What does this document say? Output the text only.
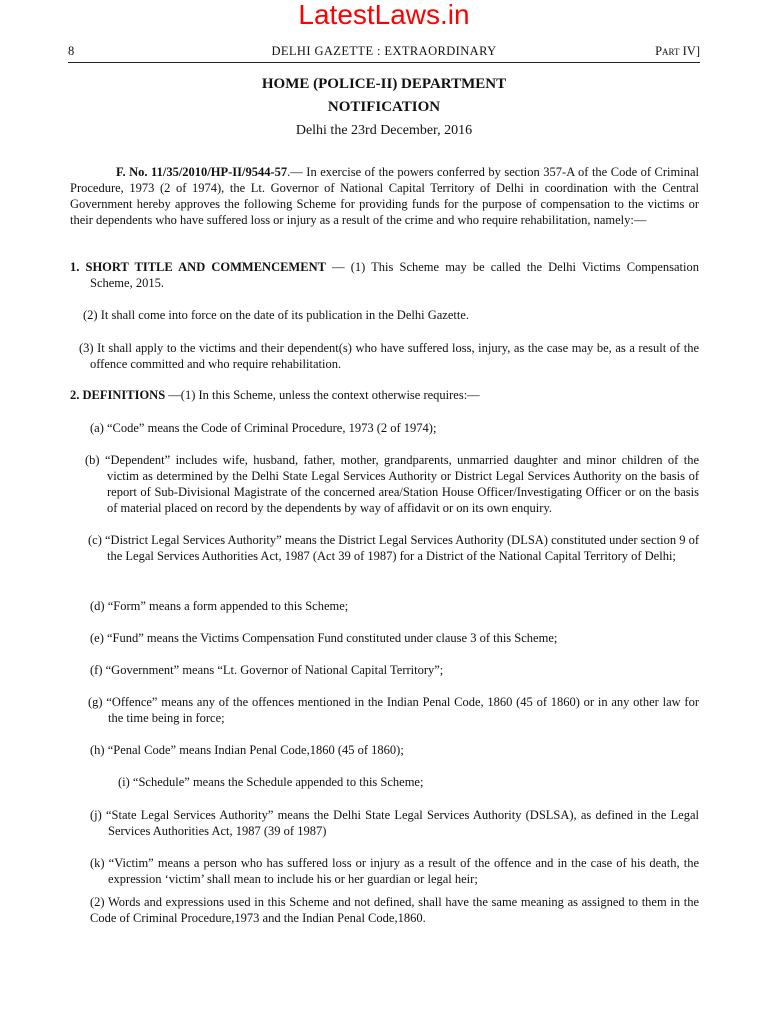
LatestLaws.in
8	DELHI GAZETTE : EXTRAORDINARY	Part IV]
HOME (POLICE-II) DEPARTMENT
NOTIFICATION
Delhi the 23rd December, 2016

F. No. 11/35/2010/HP-II/9544-57.— In exercise of the powers conferred by section 357-A of the Code of Criminal Procedure, 1973 (2 of 1974), the Lt. Governor of National Capital Territory of Delhi in coordination with the Central Government hereby approves the following Scheme for providing funds for the purpose of compensation to the victims or their dependents who have suffered loss or injury as a result of the crime and who require rehabilitation, namely:—

1. SHORT TITLE AND COMMENCEMENT — (1) This Scheme may be called the Delhi Victims Compensation Scheme, 2015.

(2) It shall come into force on the date of its publication in the Delhi Gazette.

(3) It shall apply to the victims and their dependent(s) who have suffered loss, injury, as the case may be, as a result of the offence committed and who require rehabilitation.

2. DEFINITIONS —(1) In this Scheme, unless the context otherwise requires:—

(a) “Code” means the Code of Criminal Procedure, 1973 (2 of 1974);

(b) “Dependent” includes wife, husband, father, mother, grandparents, unmarried daughter and minor children of the victim as determined by the Delhi State Legal Services Authority or District Legal Services Authority on the basis of report of Sub-Divisional Magistrate of the concerned area/Station House Officer/Investigating Officer or on the basis of material placed on record by the dependents by way of affidavit or on its own enquiry.

(c) “District Legal Services Authority” means the District Legal Services Authority (DLSA) constituted under section 9 of the Legal Services Authorities Act, 1987 (Act 39 of 1987) for a District of the National Capital Territory of Delhi;

(d) “Form” means a form appended to this Scheme;

(e) “Fund” means the Victims Compensation Fund constituted under clause 3 of this Scheme;

(f) “Government” means “Lt. Governor of National Capital Territory”;

(g) “Offence” means any of the offences mentioned in the Indian Penal Code, 1860 (45 of 1860) or in any other law for the time being in force;

(h) “Penal Code” means Indian Penal Code,1860 (45 of 1860);

(i) “Schedule” means the Schedule appended to this Scheme;

(j) “State Legal Services Authority” means the Delhi State Legal Services Authority (DSLSA), as defined in the Legal Services Authorities Act, 1987 (39 of 1987)

(k) “Victim” means a person who has suffered loss or injury as a result of the offence and in the case of his death, the expression ‘victim’ shall mean to include his or her guardian or legal heir;

(2) Words and expressions used in this Scheme and not defined, shall have the same meaning as assigned to them in the Code of Criminal Procedure,1973 and the Indian Penal Code,1860.
